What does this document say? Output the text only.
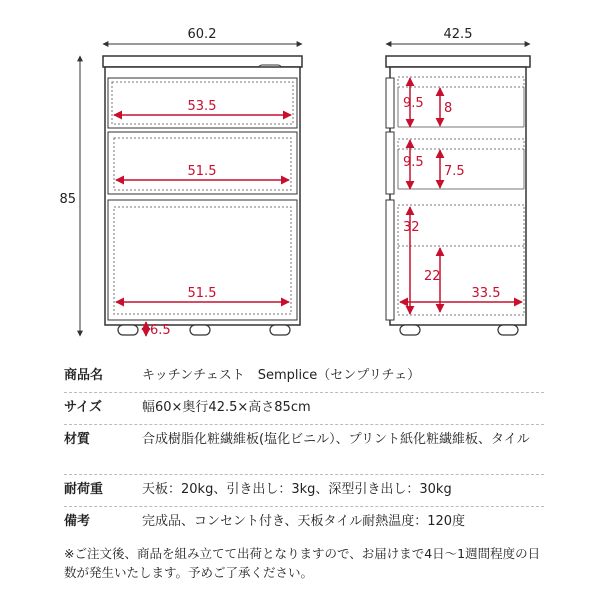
60.2
85
53.5
51.5
51.5
6.5
42.5
9.5 8
9.5
7.5
32
22
33.5
商品名	キッチンチェスト　Semplice（センプリチェ）
サイズ	幅60×奥行42.5×高さ85cm
材質	合成樹脂化粧繊維板(塩化ビニル）、プリント紙化粧繊維板、タイル
耐荷重	天板：20kg、引き出し：3kg、深型引き出し：30kg
備考	完成品、コンセント付き、天板タイル耐熱温度：120度
※ご注文後、商品を組み立てて出荷となりますので、お届けまで4日〜1週間程度の日数が発生いたします。予めご了承ください。
